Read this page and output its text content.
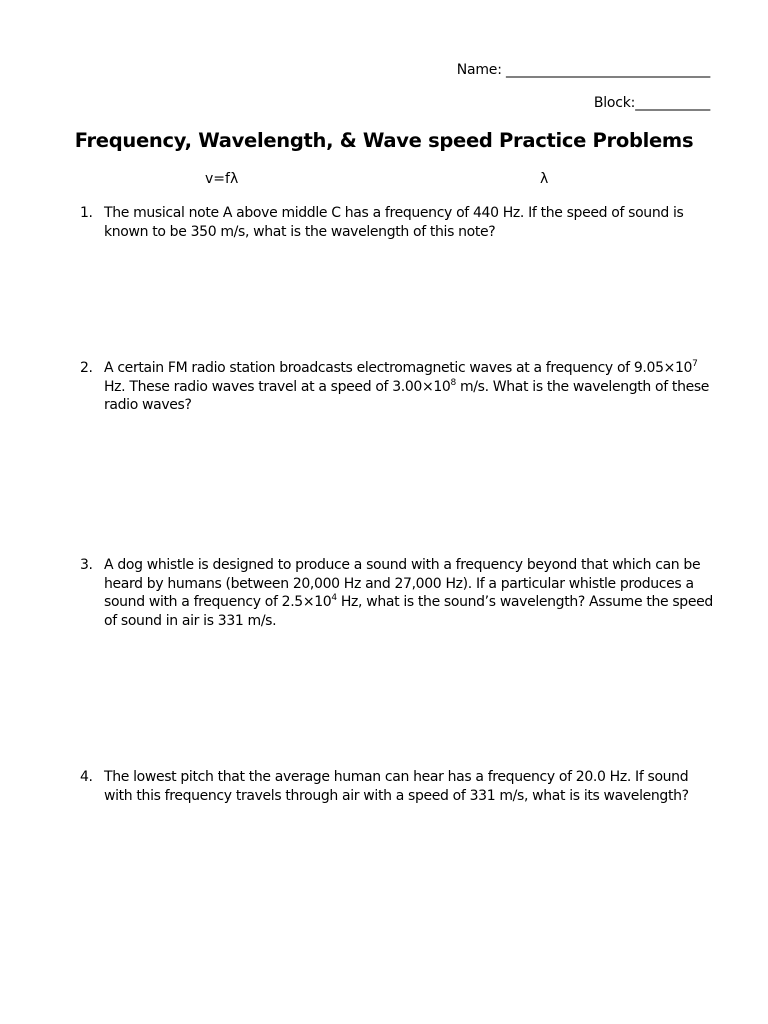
Name: ______________________________
Block:___________
Frequency, Wavelength, & Wave speed Practice Problems
v=fλ	λ
1. The musical note A above middle C has a frequency of 440 Hz. If the speed of sound is known to be 350 m/s, what is the wavelength of this note?
2. A certain FM radio station broadcasts electromagnetic waves at a frequency of $9.05\times 10^7$ Hz. These radio waves travel at a speed of $3.00\times 10^8$ m/s. What is the wavelength of these radio waves?
3. A dog whistle is designed to produce a sound with a frequency beyond that which can be heard by humans (between 20,000 Hz and 27,000 Hz). If a particular whistle produces a sound with a frequency of $2.5\times 10^4$ Hz, what is the sound’s wavelength? Assume the speed of sound in air is 331 m/s.
4. The lowest pitch that the average human can hear has a frequency of 20.0 Hz. If sound with this frequency travels through air with a speed of 331 m/s, what is its wavelength?
